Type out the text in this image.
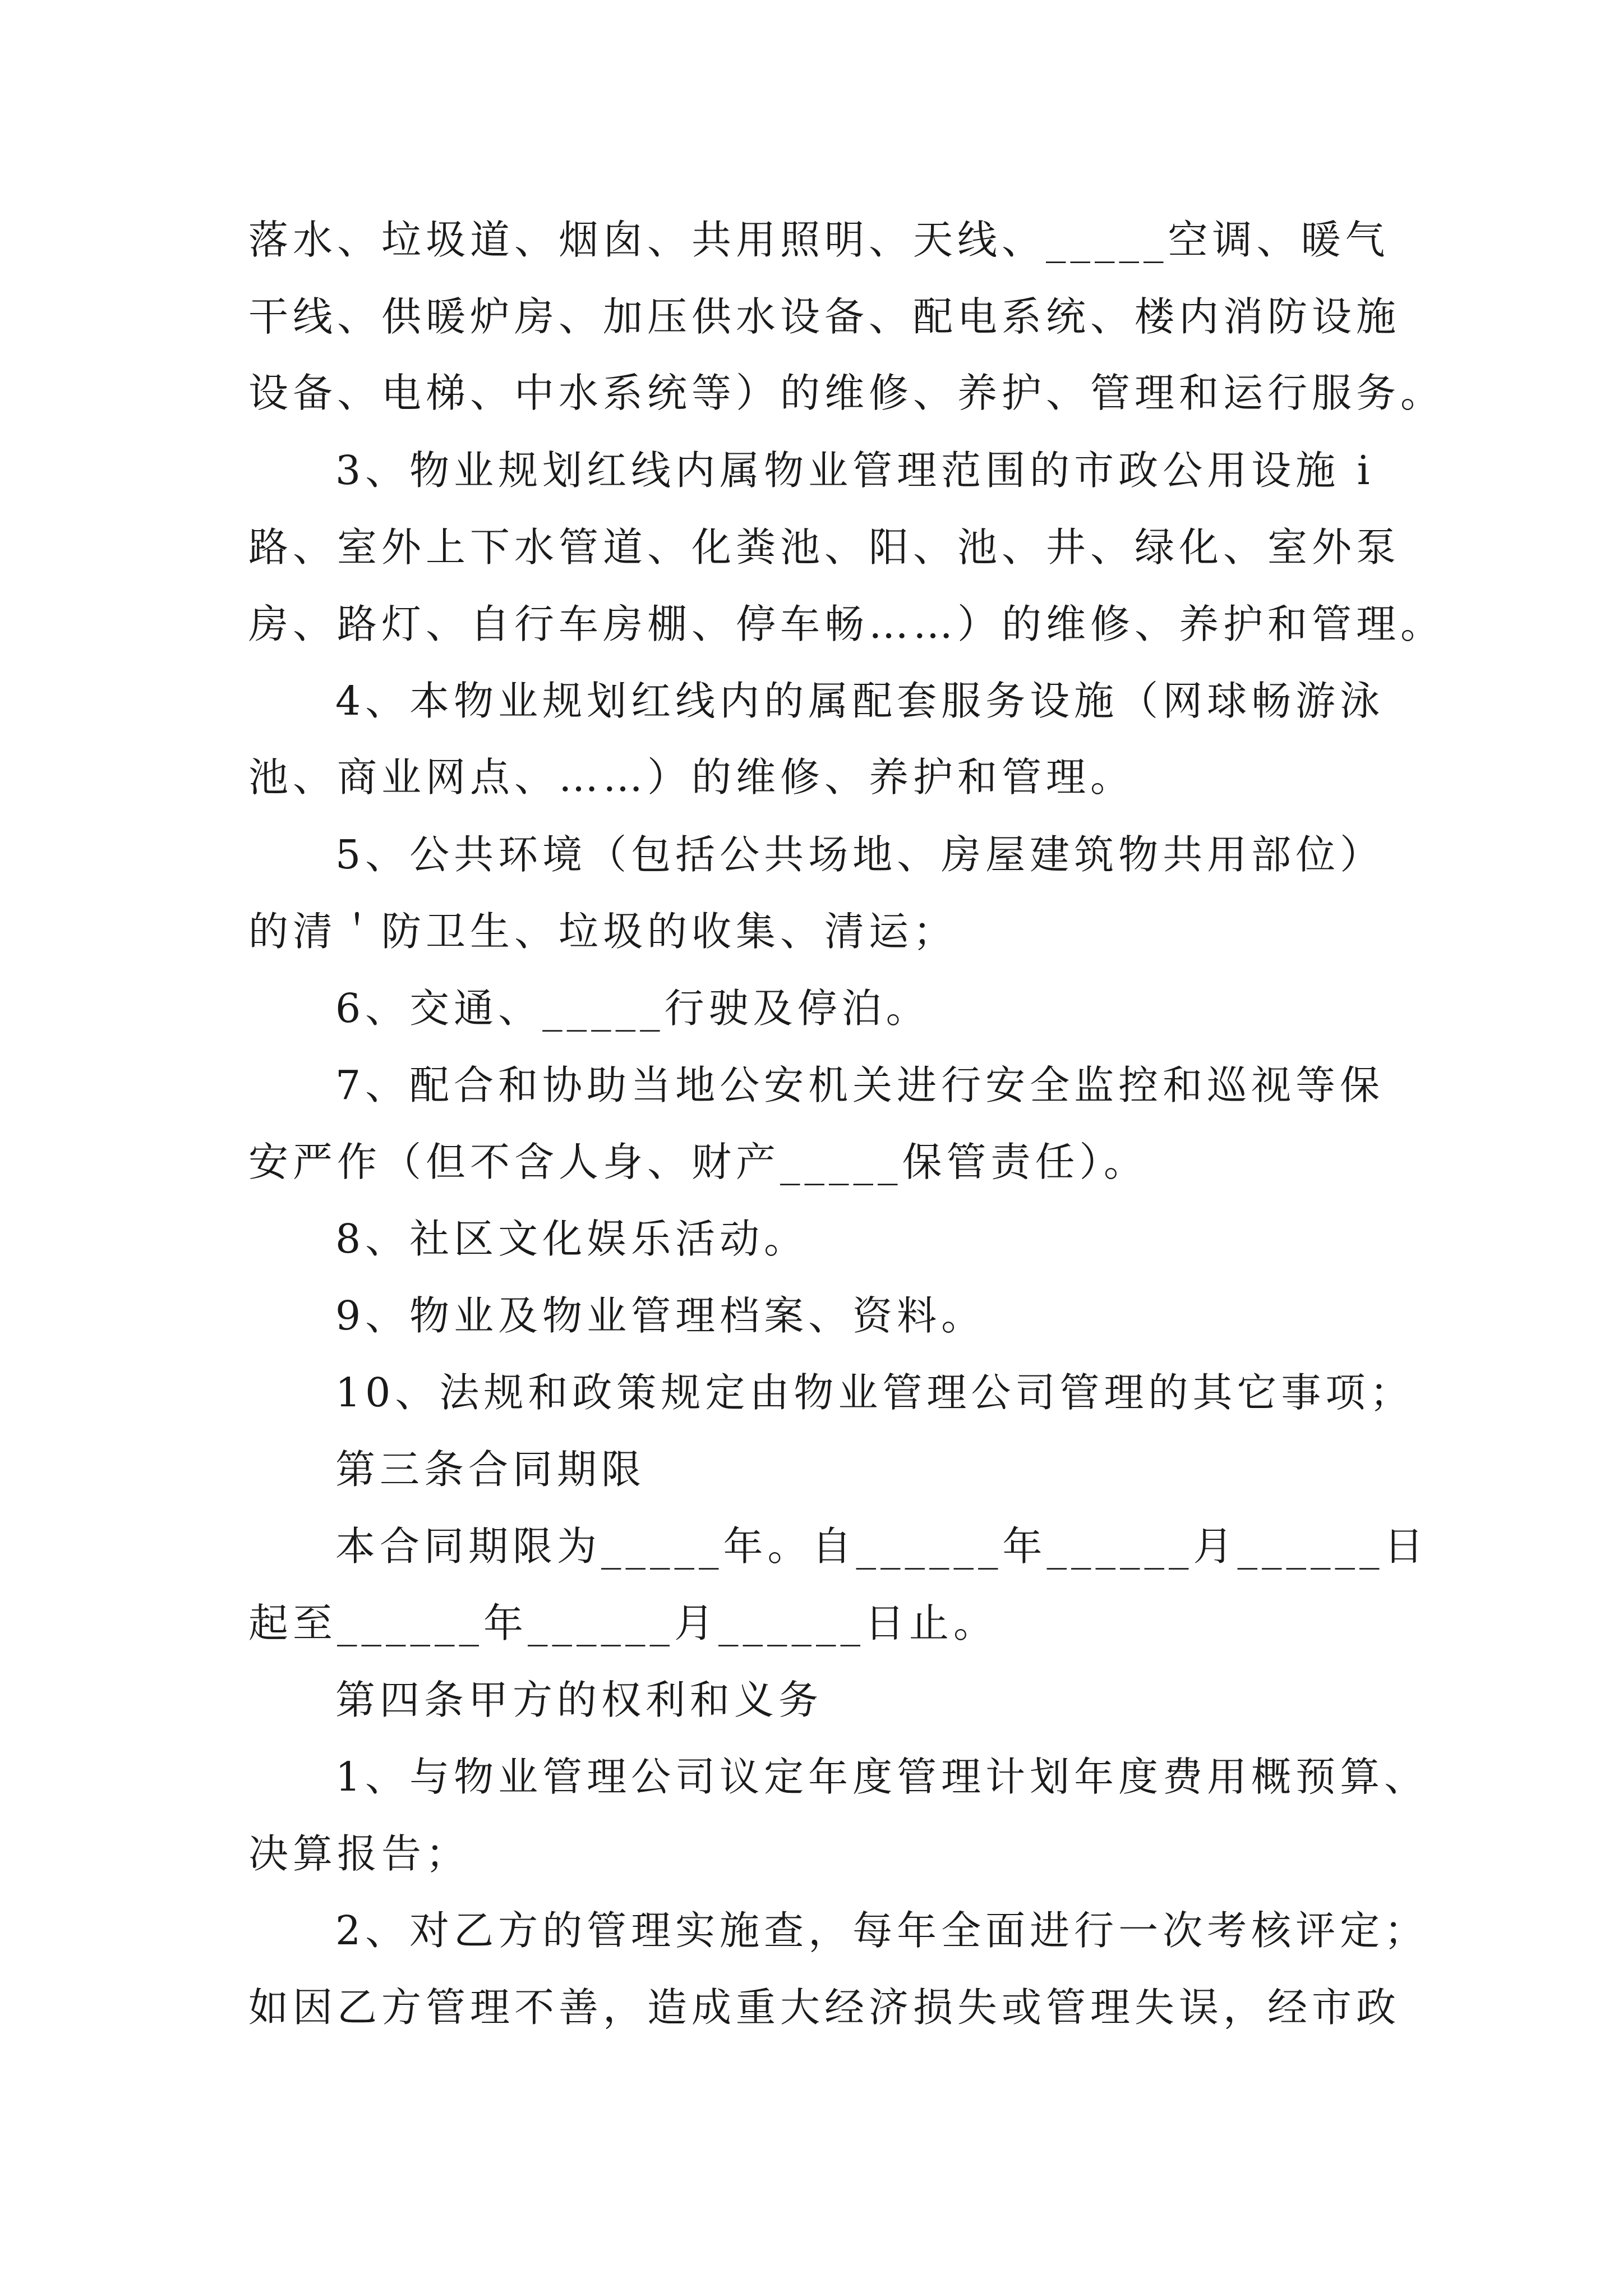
落水、垃圾道、烟囱、共用照明、天线、_____空调、暖气
干线、供暖炉房、加压供水设备、配电系统、楼内消防设施
设备、电梯、中水系统等）的维修、养护、管理和运行服务。
3、物业规划红线内属物业管理范围的市政公用设施 i
路、室外上下水管道、化粪池、阳、池、井、绿化、室外泵
房、路灯、自行车房棚、停车畅……）的维修、养护和管理。
4、本物业规划红线内的属配套服务设施（网球畅游泳
池、商业网点、……）的维修、养护和管理。
5、公共环境（包括公共场地、房屋建筑物共用部位）
的清＇防卫生、垃圾的收集、清运；
6、交通、_____行驶及停泊。
7、配合和协助当地公安机关进行安全监控和巡视等保
安严作（但不含人身、财产_____保管责任）。
8、社区文化娱乐活动。
9、物业及物业管理档案、资料。
10、法规和政策规定由物业管理公司管理的其它事项；
第三条合同期限
本合同期限为_____年。自______年______月______日
起至______年______月______日止。
第四条甲方的权利和义务
1、与物业管理公司议定年度管理计划年度费用概预算、
决算报告；
2、对乙方的管理实施查，每年全面进行一次考核评定；
如因乙方管理不善，造成重大经济损失或管理失误，经市政
